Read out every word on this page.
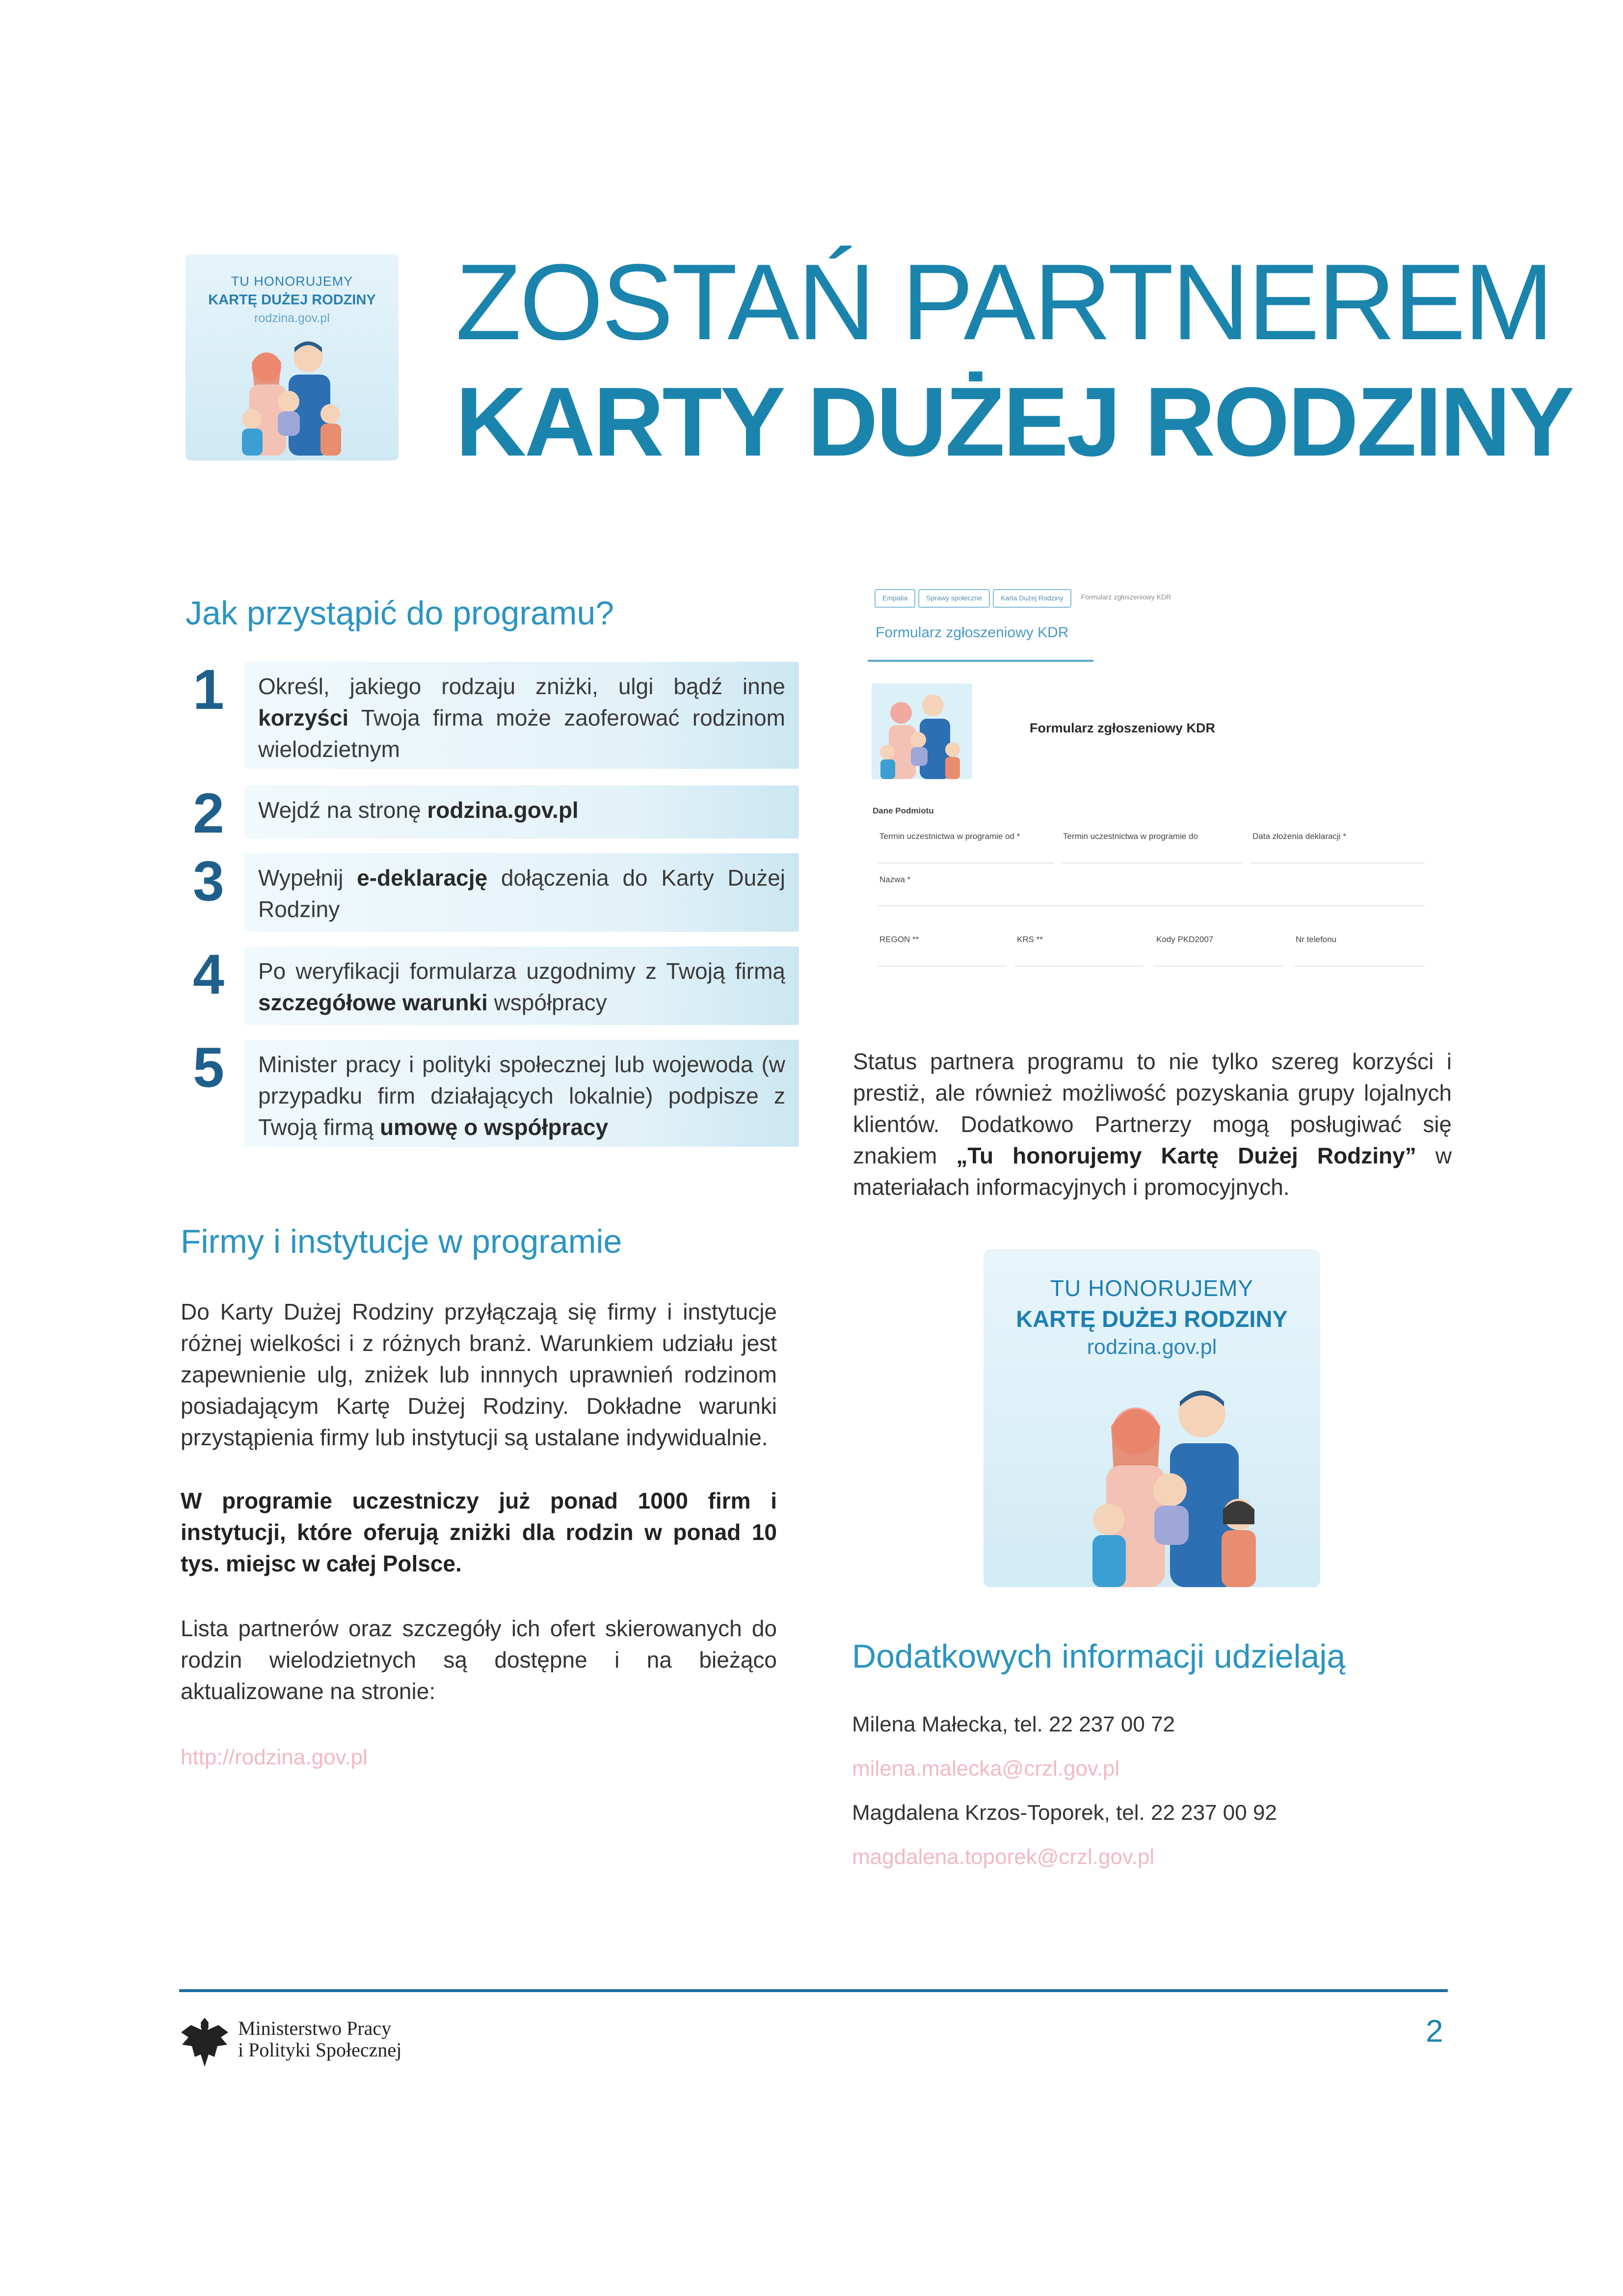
TU HONORUJEMY
KARTĘ DUŻEJ RODZINY
rodzina.gov.pl	ZOSTAŃ PARTNEREM
KARTY DUŻEJ RODZINY
Jak przystąpić do programu?
1	Określ, jakiego rodzaju zniżki, ulgi bądź inne korzyści Twoja firma może zaoferować rodzinom wielodzietnym
2	Wejdź na stronę rodzina.gov.pl
3	Wypełnij e-deklarację dołączenia do Karty Dużej Rodziny
4	Po weryfikacji formularza uzgodnimy z Twoją firmą szczegółowe warunki współpracy
5	Minister pracy i polityki społecznej lub wojewoda (w przypadku firm działających lokalnie) podpisze z Twoją firmą umowę o współpracy
Empatia	Sprawy społeczne	Karta Dużej Rodziny	Formularz zgłoszeniowy KDR
Formularz zgłoszeniowy KDR
Formularz zgłoszeniowy KDR
Dane Podmiotu
Termin uczestnictwa w programie od *	Termin uczestnictwa w programie do	Data złożenia deklaracji *
Nazwa *
REGON **	KRS **	Kody PKD2007	Nr telefonu
Status partnera programu to nie tylko szereg korzyści i prestiż, ale również możliwość pozyskania grupy lojalnych klientów. Dodatkowo Partnerzy mogą posługiwać się znakiem „Tu honorujemy Kartę Dużej Rodziny” w materiałach informacyjnych i promocyjnych.
TU HONORUJEMY
KARTĘ DUŻEJ RODZINY
rodzina.gov.pl
Firmy i instytucje w programie
Do Karty Dużej Rodziny przyłączają się firmy i instytucje różnej wielkości i z różnych branż. Warunkiem udziału jest zapewnienie ulg, zniżek lub innnych uprawnień rodzinom posiadającym Kartę Dużej Rodziny. Dokładne warunki przystąpienia firmy lub instytucji są ustalane indywidualnie.
W programie uczestniczy już ponad 1000 firm i instytucji, które oferują zniżki dla rodzin w ponad 10 tys. miejsc w całej Polsce.
Lista partnerów oraz szczegóły ich ofert skierowanych do rodzin wielodzietnych są dostępne i na bieżąco aktualizowane na stronie:
http://rodzina.gov.pl
Dodatkowych informacji udzielają
Milena Małecka, tel. 22 237 00 72
milena.malecka@crzl.gov.pl
Magdalena Krzos-Toporek, tel. 22 237 00 92
magdalena.toporek@crzl.gov.pl
Ministerstwo Pracy
i Polityki Społecznej
2
